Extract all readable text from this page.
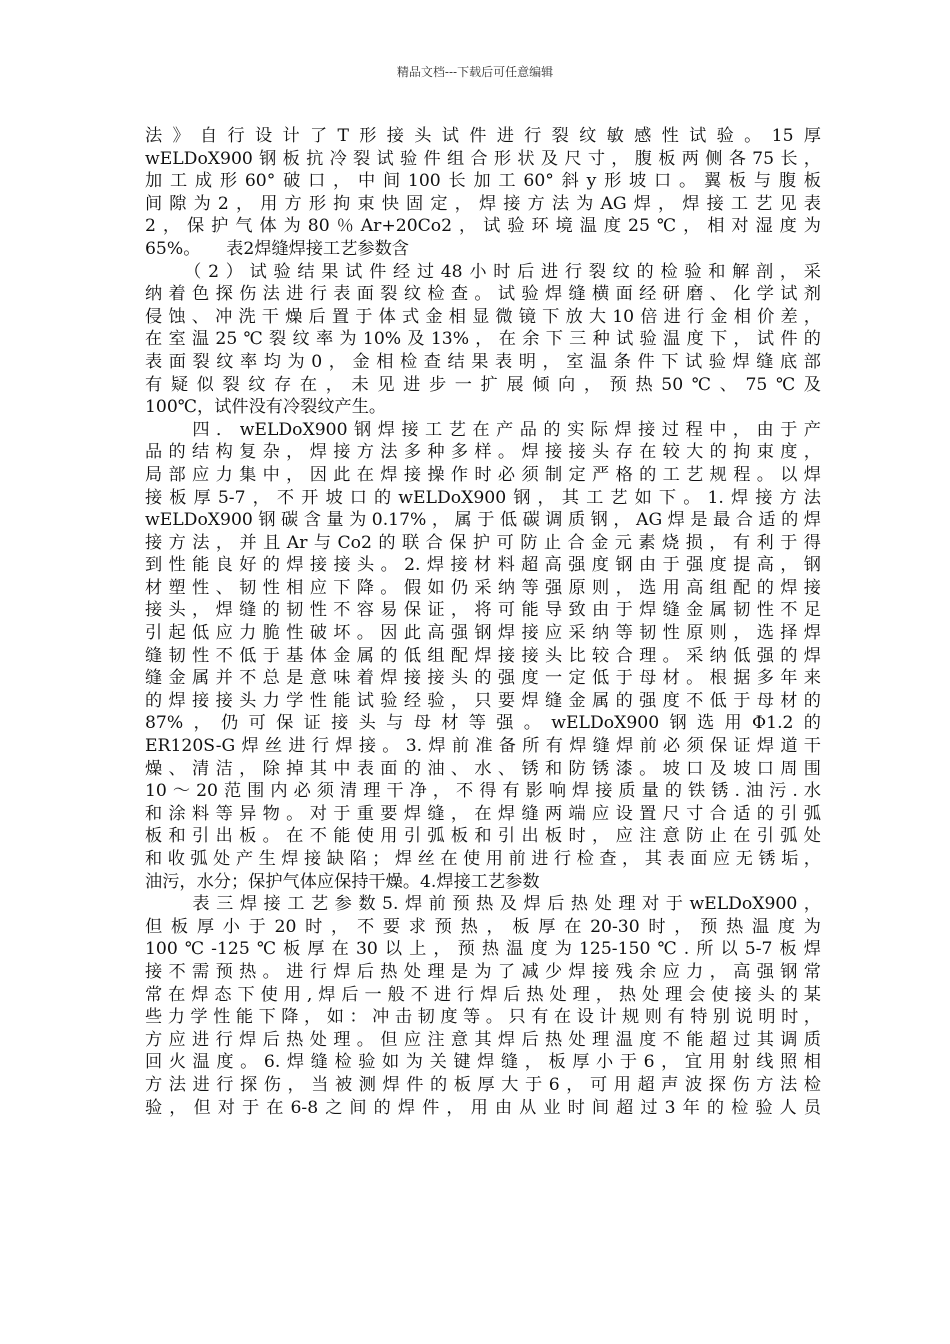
精品文档---下载后可任意编辑
法》自行设计了T形接头试件进行裂纹敏感性试验。15厚
wELDoX900钢板抗冷裂试验件组合形状及尺寸，腹板两侧各75长，
加工成形60°破口，中间100长加工60°斜y形坡口。翼板与腹板
间隙为2，用方形拘束快固定，焊接方法为AG焊，焊接工艺见表
2，保护气体为80％Ar+20Co2，试验环境温度25℃，相对湿度为
65%。　　表2焊缝焊接工艺参数含
　　（2）试验结果试件经过48小时后进行裂纹的检验和解剖，采
纳着色探伤法进行表面裂纹检查。试验焊缝横面经研磨、化学试剂
侵蚀、冲洗干燥后置于体式金相显微镜下放大10倍进行金相价差，
在室温25℃裂纹率为10%及13%，在余下三种试验温度下，试件的
表面裂纹率均为0，金相检查结果表明，室温条件下试验焊缝底部
有疑似裂纹存在，未见进步一扩展倾向，预热50℃、75℃及
100℃，试件没有冷裂纹产生。
　　四．wELDoX900钢焊接工艺在产品的实际焊接过程中，由于产
品的结构复杂，焊接方法多种多样。焊接接头存在较大的拘束度，
局部应力集中，因此在焊接操作时必须制定严格的工艺规程。以焊
接板厚5-7，不开坡口的wELDoX900钢，其工艺如下。1.焊接方法
wELDoX900钢碳含量为0.17%，属于低碳调质钢，AG焊是最合适的焊
接方法，并且Ar与Co2的联合保护可防止合金元素烧损，有利于得
到性能良好的焊接接头。2.焊接材料超高强度钢由于强度提高，钢
材塑性、韧性相应下降。假如仍采纳等强原则，选用高组配的焊接
接头，焊缝的韧性不容易保证，将可能导致由于焊缝金属韧性不足
引起低应力脆性破坏。因此高强钢焊接应采纳等韧性原则，选择焊
缝韧性不低于基体金属的低组配焊接接头比较合理。采纳低强的焊
缝金属并不总是意味着焊接接头的强度一定低于母材。根据多年来
的焊接接头力学性能试验经验，只要焊缝金属的强度不低于母材的
87%，仍可保证接头与母材等强。wELDoX900钢选用Φ1.2的
ER120S-G焊丝进行焊接。3.焊前准备所有焊缝焊前必须保证焊道干
燥、清洁，除掉其中表面的油、水、锈和防锈漆。坡口及坡口周围
10～20范围内必须清理干净，不得有影响焊接质量的铁锈.油污.水
和涂料等异物。对于重要焊缝，在焊缝两端应设置尺寸合适的引弧
板和引出板。在不能使用引弧板和引出板时，应注意防止在引弧处
和收弧处产生焊接缺陷；焊丝在使用前进行检查，其表面应无锈垢，
油污，水分；保护气体应保持干燥。4.焊接工艺参数
　　表三焊接工艺参数5.焊前预热及焊后热处理对于wELDoX900，
但板厚小于20时，不要求预热，板厚在20-30时，预热温度为
100℃-125℃板厚在30以上，预热温度为125-150℃.所以5-7板焊
接不需预热。进行焊后热处理是为了减少焊接残余应力，高强钢常
常在焊态下使用,焊后一般不进行焊后热处理，热处理会使接头的某
些力学性能下降，如：冲击韧度等。只有在设计规则有特别说明时，
方应进行焊后热处理。但应注意其焊后热处理温度不能超过其调质
回火温度。6.焊缝检验如为关键焊缝，板厚小于6，宜用射线照相
方法进行探伤，当被测焊件的板厚大于6，可用超声波探伤方法检
验，但对于在6-8之间的焊件，用由从业时间超过3年的检验人员
